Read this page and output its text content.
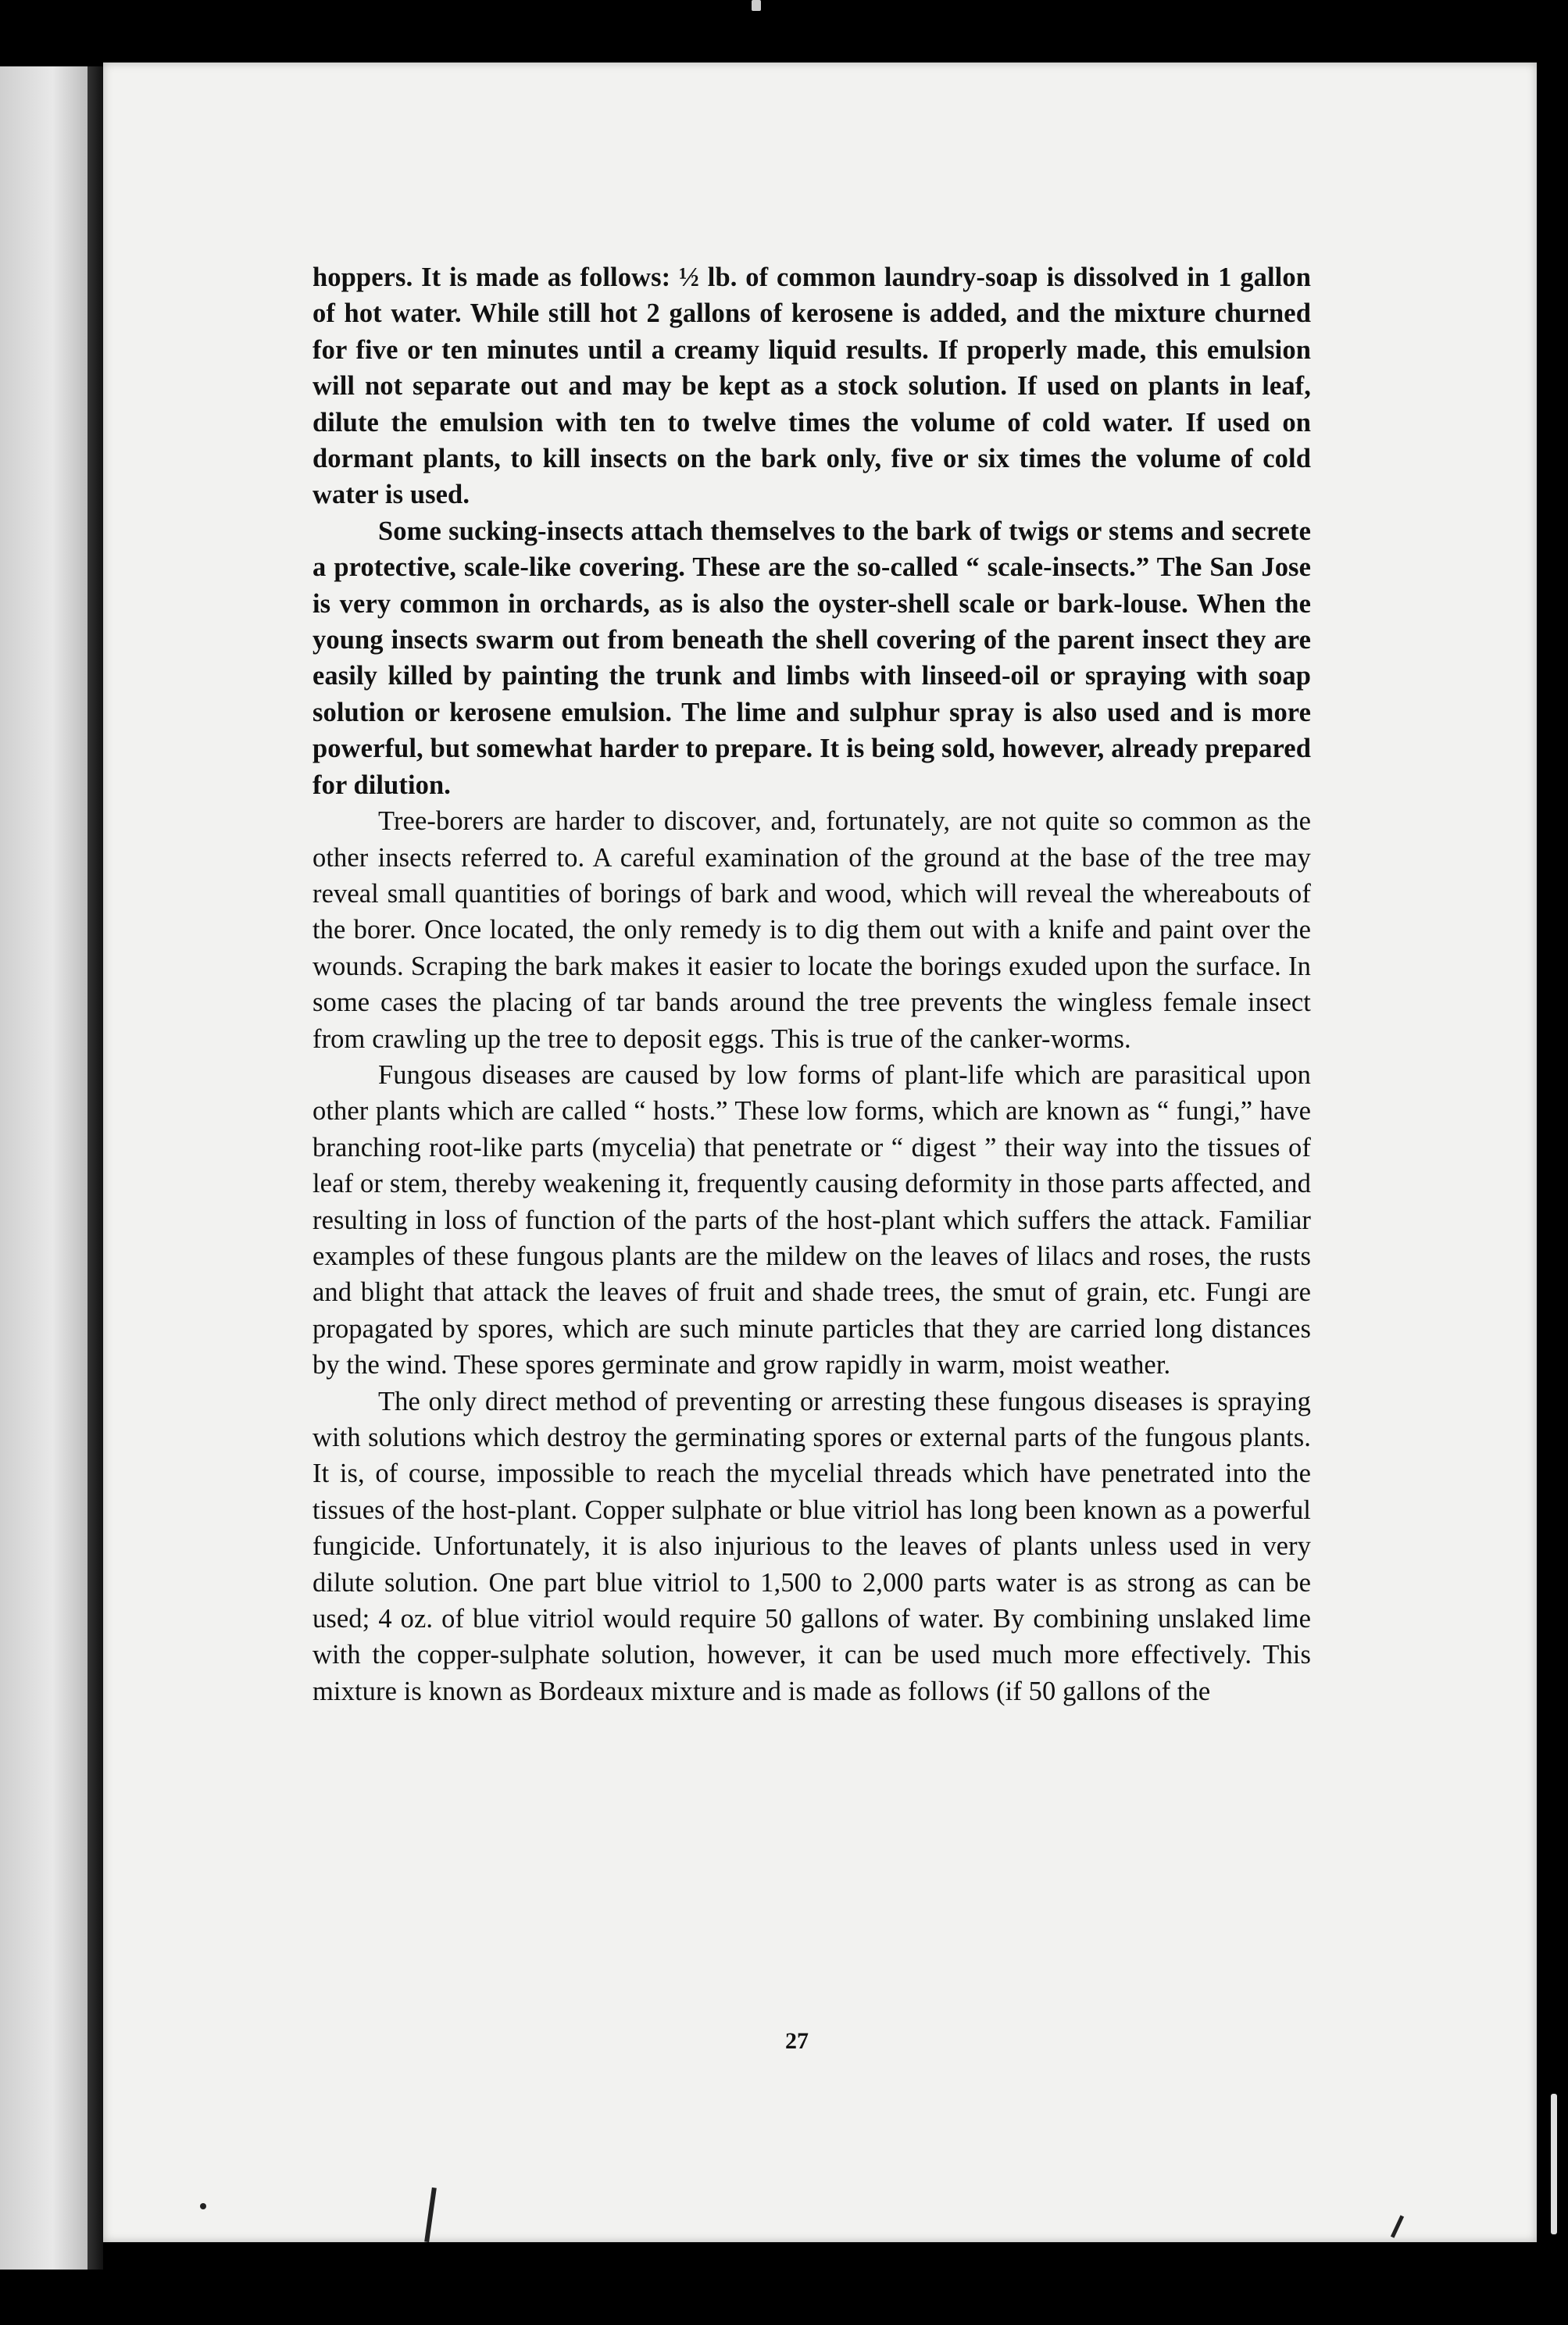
hoppers. It is made as follows: ½ lb. of common laundry-soap is dissolved in 1 gallon of hot water. While still hot 2 gallons of kerosene is added, and the mixture churned for five or ten minutes until a creamy liquid results. If properly made, this emulsion will not separate out and may be kept as a stock solution. If used on plants in leaf, dilute the emulsion with ten to twelve times the volume of cold water. If used on dormant plants, to kill insects on the bark only, five or six times the volume of cold water is used.

Some sucking-insects attach themselves to the bark of twigs or stems and secrete a protective, scale-like covering. These are the so-called “ scale-insects.” The San Jose is very common in orchards, as is also the oyster-shell scale or bark-louse. When the young insects swarm out from beneath the shell covering of the parent insect they are easily killed by painting the trunk and limbs with linseed-oil or spraying with soap solution or kerosene emulsion. The lime and sulphur spray is also used and is more powerful, but somewhat harder to prepare. It is being sold, however, already prepared for dilution.

Tree-borers are harder to discover, and, fortunately, are not quite so common as the other insects referred to. A careful examination of the ground at the base of the tree may reveal small quantities of borings of bark and wood, which will reveal the whereabouts of the borer. Once located, the only remedy is to dig them out with a knife and paint over the wounds. Scraping the bark makes it easier to locate the borings exuded upon the surface. In some cases the placing of tar bands around the tree prevents the wingless female insect from crawling up the tree to deposit eggs. This is true of the canker-worms.

Fungous diseases are caused by low forms of plant-life which are parasitical upon other plants which are called “ hosts.” These low forms, which are known as “ fungi,” have branching root-like parts (mycelia) that penetrate or “ digest ” their way into the tissues of leaf or stem, thereby weakening it, frequently causing deformity in those parts affected, and resulting in loss of function of the parts of the host-plant which suffers the attack. Familiar examples of these fungous plants are the mildew on the leaves of lilacs and roses, the rusts and blight that attack the leaves of fruit and shade trees, the smut of grain, etc. Fungi are propagated by spores, which are such minute particles that they are carried long distances by the wind. These spores germinate and grow rapidly in warm, moist weather.

The only direct method of preventing or arresting these fungous diseases is spraying with solutions which destroy the germinating spores or external parts of the fungous plants. It is, of course, impossible to reach the mycelial threads which have penetrated into the tissues of the host-plant. Copper sulphate or blue vitriol has long been known as a powerful fungicide. Unfortunately, it is also injurious to the leaves of plants unless used in very dilute solution. One part blue vitriol to 1,500 to 2,000 parts water is as strong as can be used; 4 oz. of blue vitriol would require 50 gallons of water. By combining unslaked lime with the copper-sulphate solution, however, it can be used much more effectively. This mixture is known as Bordeaux mixture and is made as follows (if 50 gallons of the

27
